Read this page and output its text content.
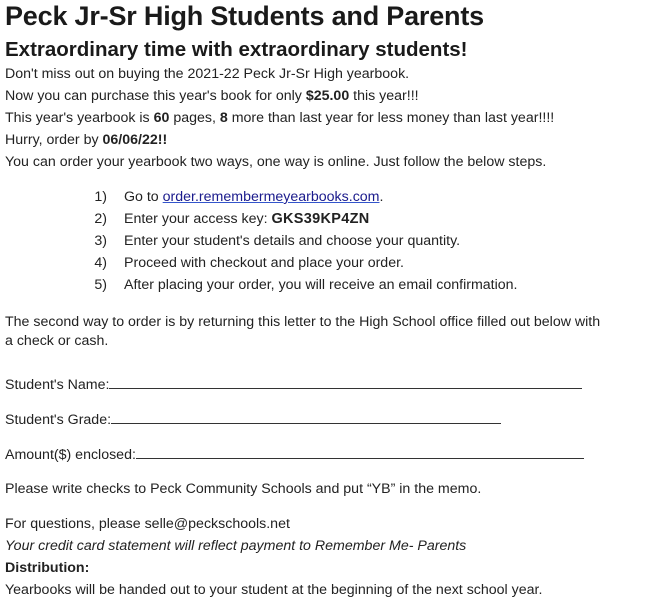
Peck Jr-Sr High Students and Parents
Extraordinary time with extraordinary students!
Don't miss out on buying the 2021-22 Peck Jr-Sr High yearbook.
Now you can purchase this year's book for only $25.00 this year!!!
This year's yearbook is 60 pages, 8 more than last year for less money than last year!!!!
Hurry, order by 06/06/22!!
You can order your yearbook two ways, one way is online. Just follow the below steps.
1) Go to order.remembermeyearbooks.com.
2) Enter your access key: GKS39KP4ZN
3) Enter your student's details and choose your quantity.
4) Proceed with checkout and place your order.
5) After placing your order, you will receive an email confirmation.
The second way to order is by returning this letter to the High School office filled out below with
a check or cash.
Student's Name:
Student's Grade:
Amount($) enclosed:
Please write checks to Peck Community Schools and put “YB” in the memo.
For questions, please selle@peckschools.net
Your credit card statement will reflect payment to Remember Me- Parents
Distribution:
Yearbooks will be handed out to your student at the beginning of the next school year.
